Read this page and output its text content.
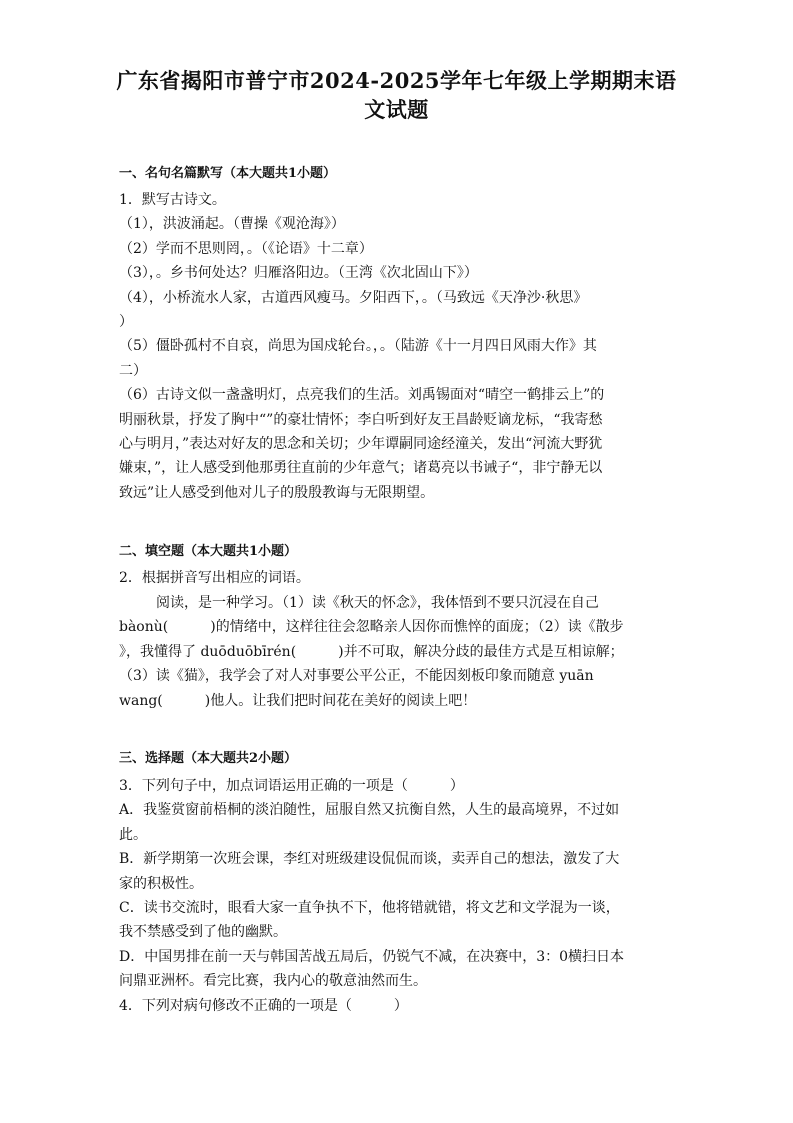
广东省揭阳市普宁市2024-2025学年七年级上学期期末语
文试题
一、名句名篇默写（本大题共1小题）
1．默写古诗文。
（1），洪波涌起。（曹操《观沧海》）
（2）学而不思则罔，。（《论语》十二章）
（3），。乡书何处达？归雁洛阳边。（王湾《次北固山下》）
（4），小桥流水人家，古道西风瘦马。夕阳西下，。（马致远《天净沙·秋思》
）
（5）僵卧孤村不自哀，尚思为国戍轮台。，。（陆游《十一月四日风雨大作》其
二）
（6）古诗文似一盏盏明灯，点亮我们的生活。刘禹锡面对“晴空一鹤排云上”的
明丽秋景，抒发了胸中“”的豪壮情怀；李白听到好友王昌龄贬谪龙标，“我寄愁
心与明月，”表达对好友的思念和关切；少年谭嗣同途经潼关，发出“河流大野犹
嫌束，”，让人感受到他那勇往直前的少年意气；诸葛亮以书诫子“，非宁静无以
致远”让人感受到他对儿子的殷殷教诲与无限期望。
二、填空题（本大题共1小题）
2．根据拼音写出相应的词语。
阅读，是一种学习。（1）读《秋天的怀念》，我体悟到不要只沉浸在自己
bàonù(　　　)的情绪中，这样往往会忽略亲人因你而憔悴的面庞；（2）读《散步
》，我懂得了 duōduōbīrén(　　　)并不可取，解决分歧的最佳方式是互相谅解；
（3）读《猫》，我学会了对人对事要公平公正，不能因刻板印象而随意 yuān
wang(　　　)他人。让我们把时间花在美好的阅读上吧！
三、选择题（本大题共2小题）
3．下列句子中，加点词语运用正确的一项是（　　　）
A．我鉴赏窗前梧桐的淡泊随性，屈服自然又抗衡自然，人生的最高境界，不过如
此。
B．新学期第一次班会课，李红对班级建设侃侃而谈，卖弄自己的想法，激发了大
家的积极性。
C．读书交流时，眼看大家一直争执不下，他将错就错，将文艺和文学混为一谈，
我不禁感受到了他的幽默。
D．中国男排在前一天与韩国苦战五局后，仍锐气不减，在决赛中，3：0横扫日本
问鼎亚洲杯。看完比赛，我内心的敬意油然而生。
4．下列对病句修改不正确的一项是（　　　）
